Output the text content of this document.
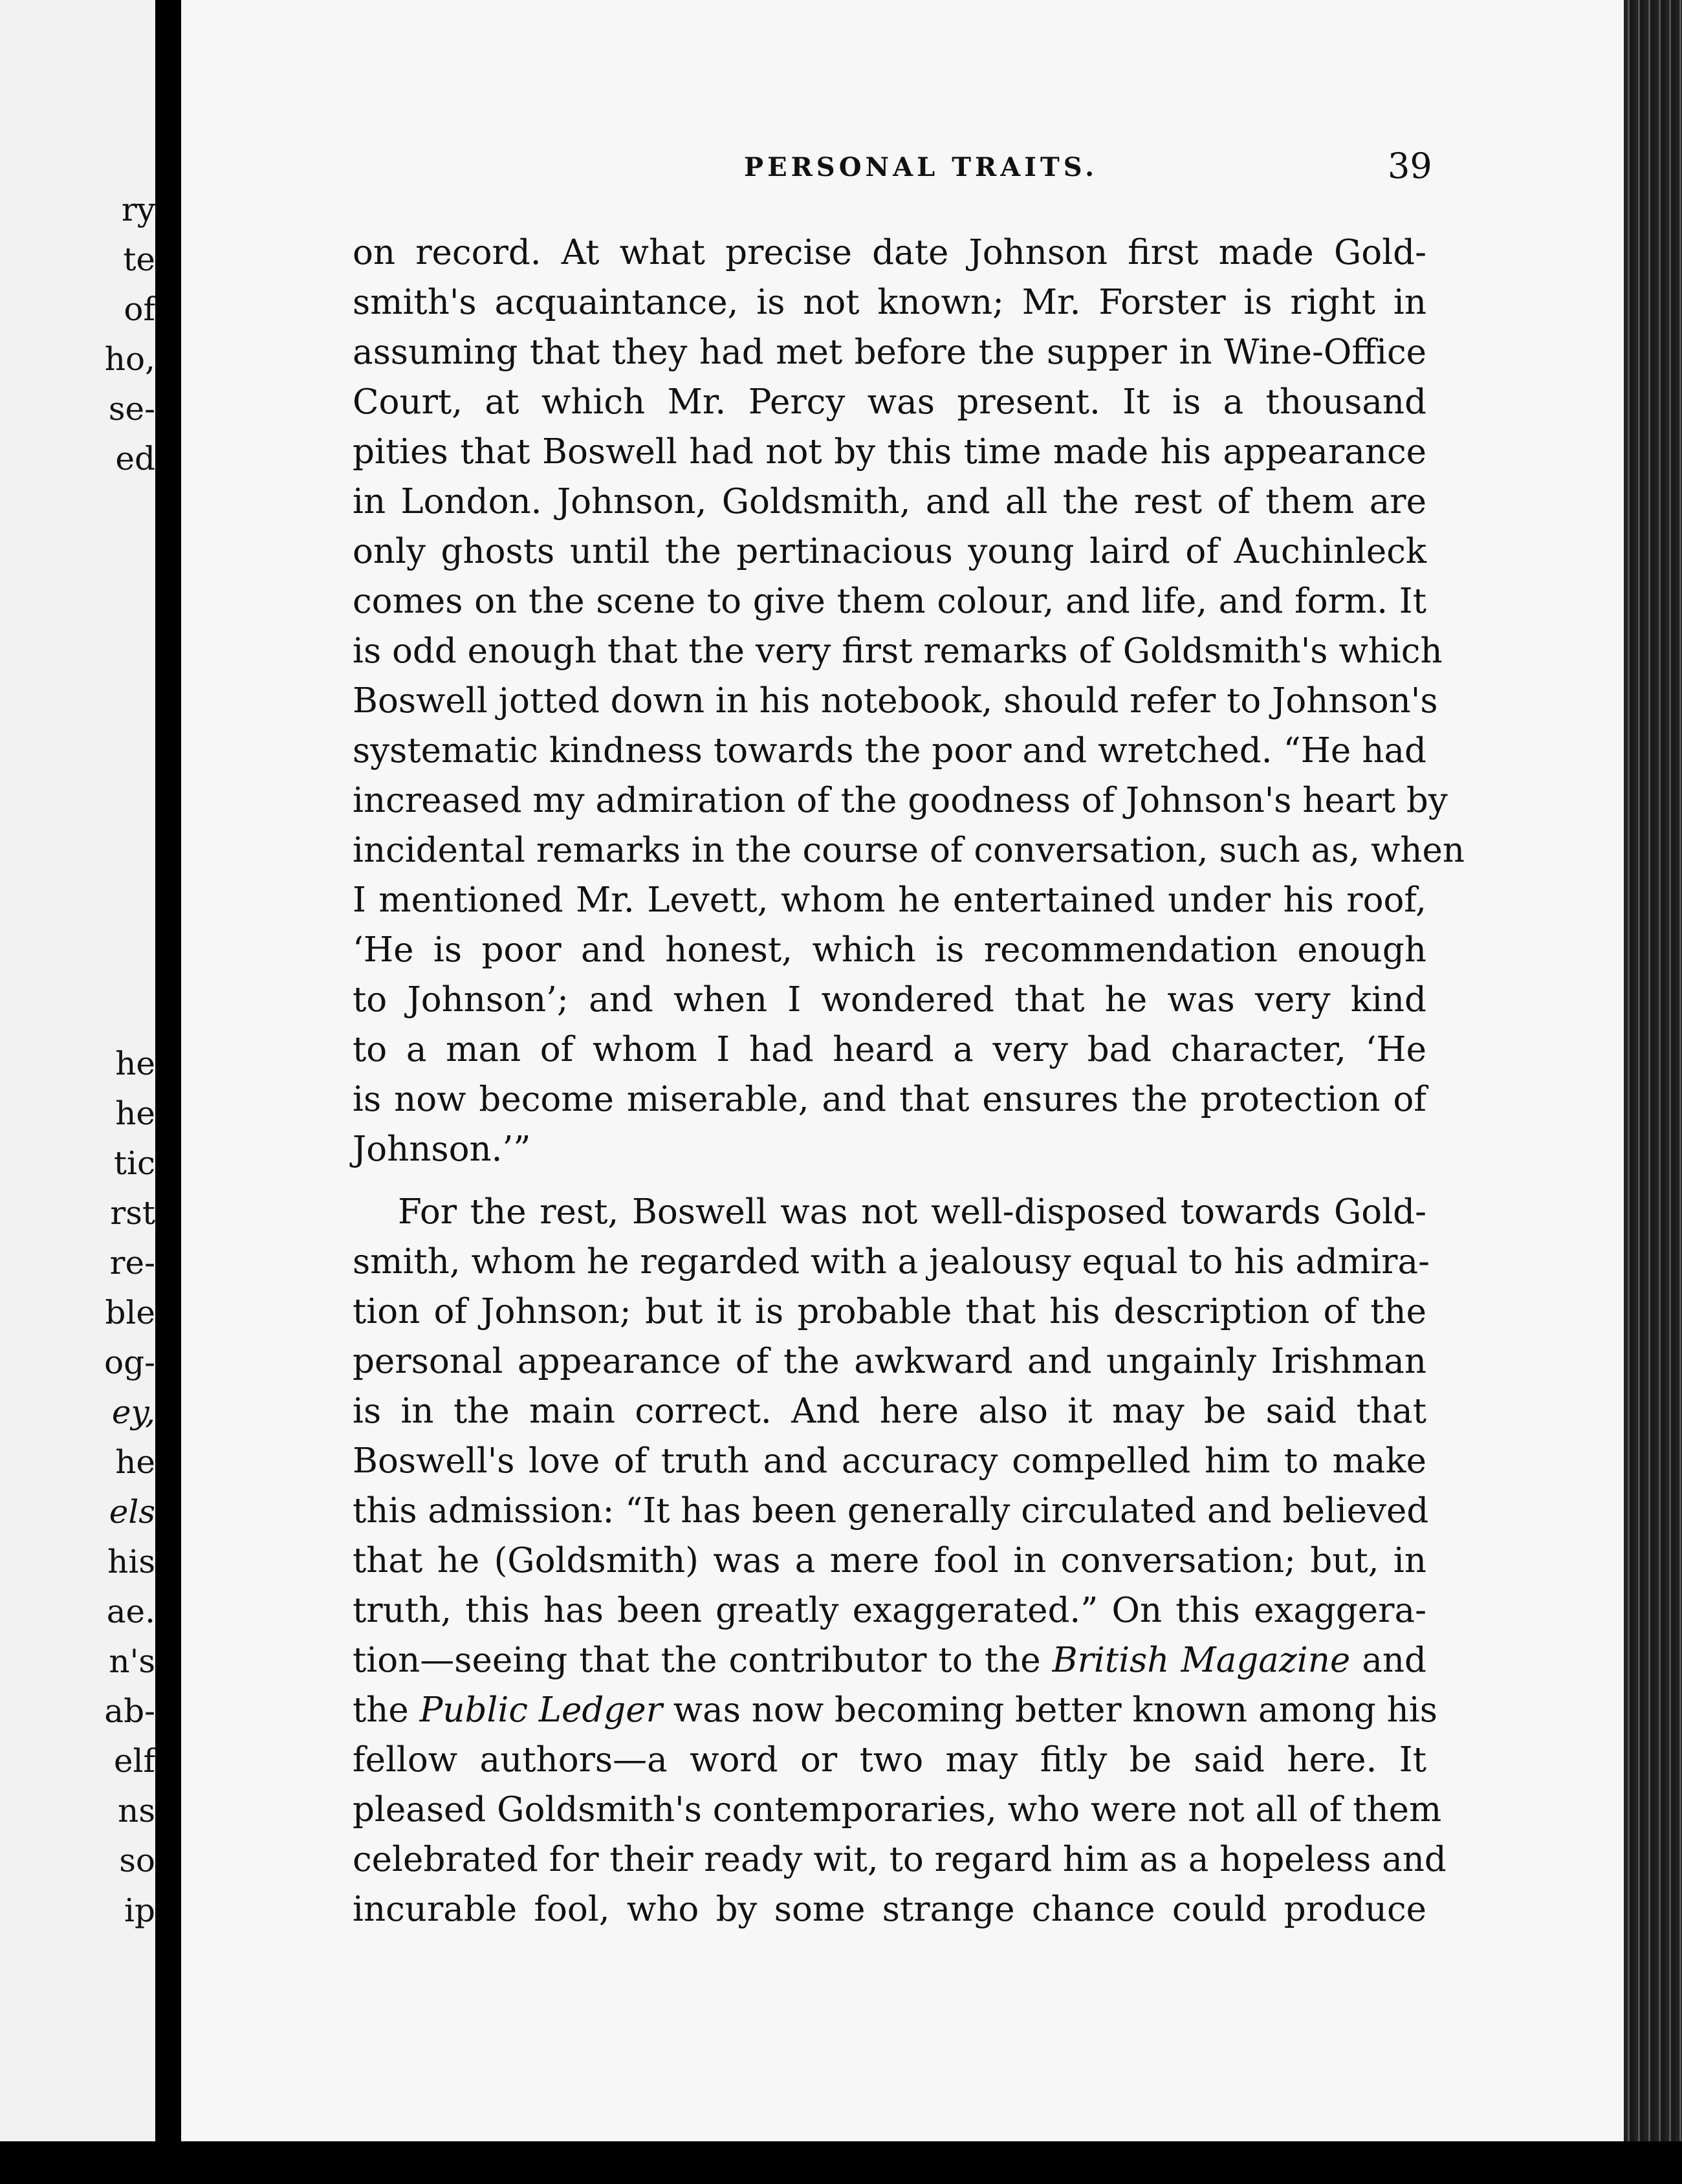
ry
te
of
ho,
se-
ed
he
he
tic
rst
re-
ble
og-
ey,
he
els
his
ae.
n's
ab-
elf
ns
so
ip
PERSONAL TRAITS.	39
on record. At what precise date Johnson first made Gold-
smith's acquaintance, is not known; Mr. Forster is right in
assuming that they had met before the supper in Wine-Office
Court, at which Mr. Percy was present. It is a thousand
pities that Boswell had not by this time made his appearance
in London. Johnson, Goldsmith, and all the rest of them are
only ghosts until the pertinacious young laird of Auchinleck
comes on the scene to give them colour, and life, and form. It
is odd enough that the very first remarks of Goldsmith's which
Boswell jotted down in his notebook, should refer to Johnson's
systematic kindness towards the poor and wretched. “He had
increased my admiration of the goodness of Johnson's heart by
incidental remarks in the course of conversation, such as, when
I mentioned Mr. Levett, whom he entertained under his roof,
‘He is poor and honest, which is recommendation enough
to Johnson’; and when I wondered that he was very kind
to a man of whom I had heard a very bad character, ‘He
is now become miserable, and that ensures the protection of
Johnson.’”
For the rest, Boswell was not well-disposed towards Gold-
smith, whom he regarded with a jealousy equal to his admira-
tion of Johnson; but it is probable that his description of the
personal appearance of the awkward and ungainly Irishman
is in the main correct. And here also it may be said that
Boswell's love of truth and accuracy compelled him to make
this admission: “It has been generally circulated and believed
that he (Goldsmith) was a mere fool in conversation; but, in
truth, this has been greatly exaggerated.” On this exaggera-
tion—seeing that the contributor to the British Magazine and
the Public Ledger was now becoming better known among his
fellow authors—a word or two may fitly be said here. It
pleased Goldsmith's contemporaries, who were not all of them
celebrated for their ready wit, to regard him as a hopeless and
incurable fool, who by some strange chance could produce
